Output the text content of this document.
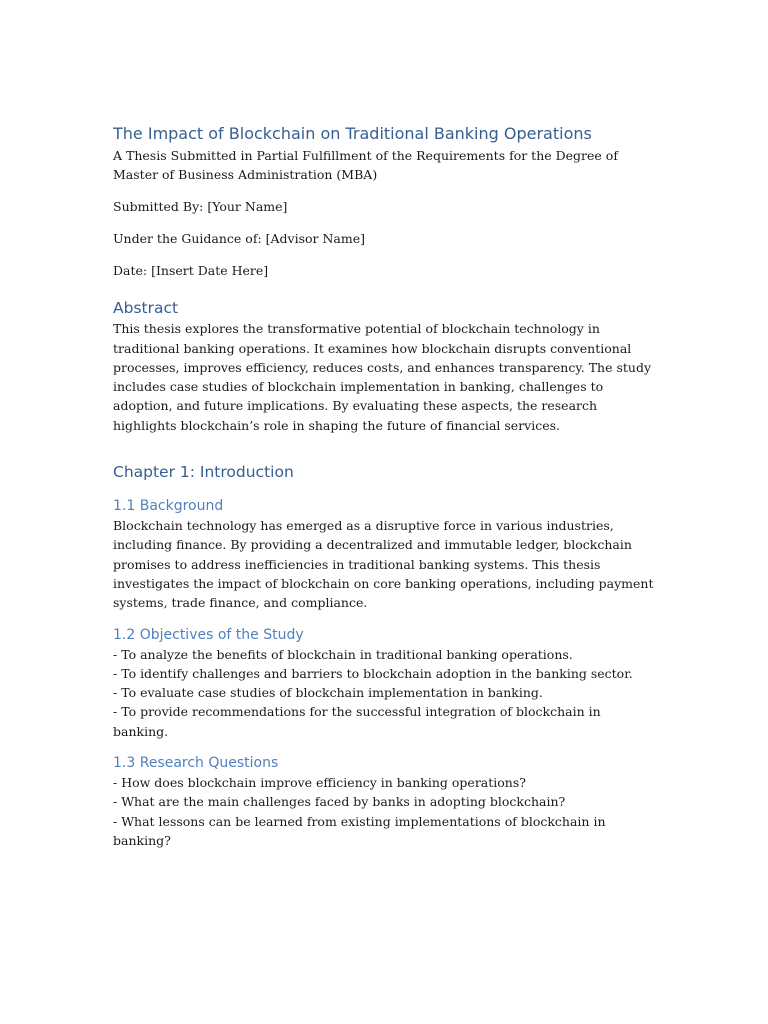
The Impact of Blockchain on Traditional Banking Operations

A Thesis Submitted in Partial Fulfillment of the Requirements for the Degree of Master of Business Administration (MBA)

Submitted By: [Your Name]

Under the Guidance of: [Advisor Name]

Date: [Insert Date Here]

Abstract

This thesis explores the transformative potential of blockchain technology in traditional banking operations. It examines how blockchain disrupts conventional processes, improves efficiency, reduces costs, and enhances transparency. The study includes case studies of blockchain implementation in banking, challenges to adoption, and future implications. By evaluating these aspects, the research highlights blockchain’s role in shaping the future of financial services.

Chapter 1: Introduction
1.1 Background

Blockchain technology has emerged as a disruptive force in various industries, including finance. By providing a decentralized and immutable ledger, blockchain promises to address inefficiencies in traditional banking systems. This thesis investigates the impact of blockchain on core banking operations, including payment systems, trade finance, and compliance.

1.2 Objectives of the Study
- To analyze the benefits of blockchain in traditional banking operations.
- To identify challenges and barriers to blockchain adoption in the banking sector.
- To evaluate case studies of blockchain implementation in banking.
- To provide recommendations for the successful integration of blockchain in banking.
1.3 Research Questions
- How does blockchain improve efficiency in banking operations?
- What are the main challenges faced by banks in adopting blockchain?
- What lessons can be learned from existing implementations of blockchain in banking?
